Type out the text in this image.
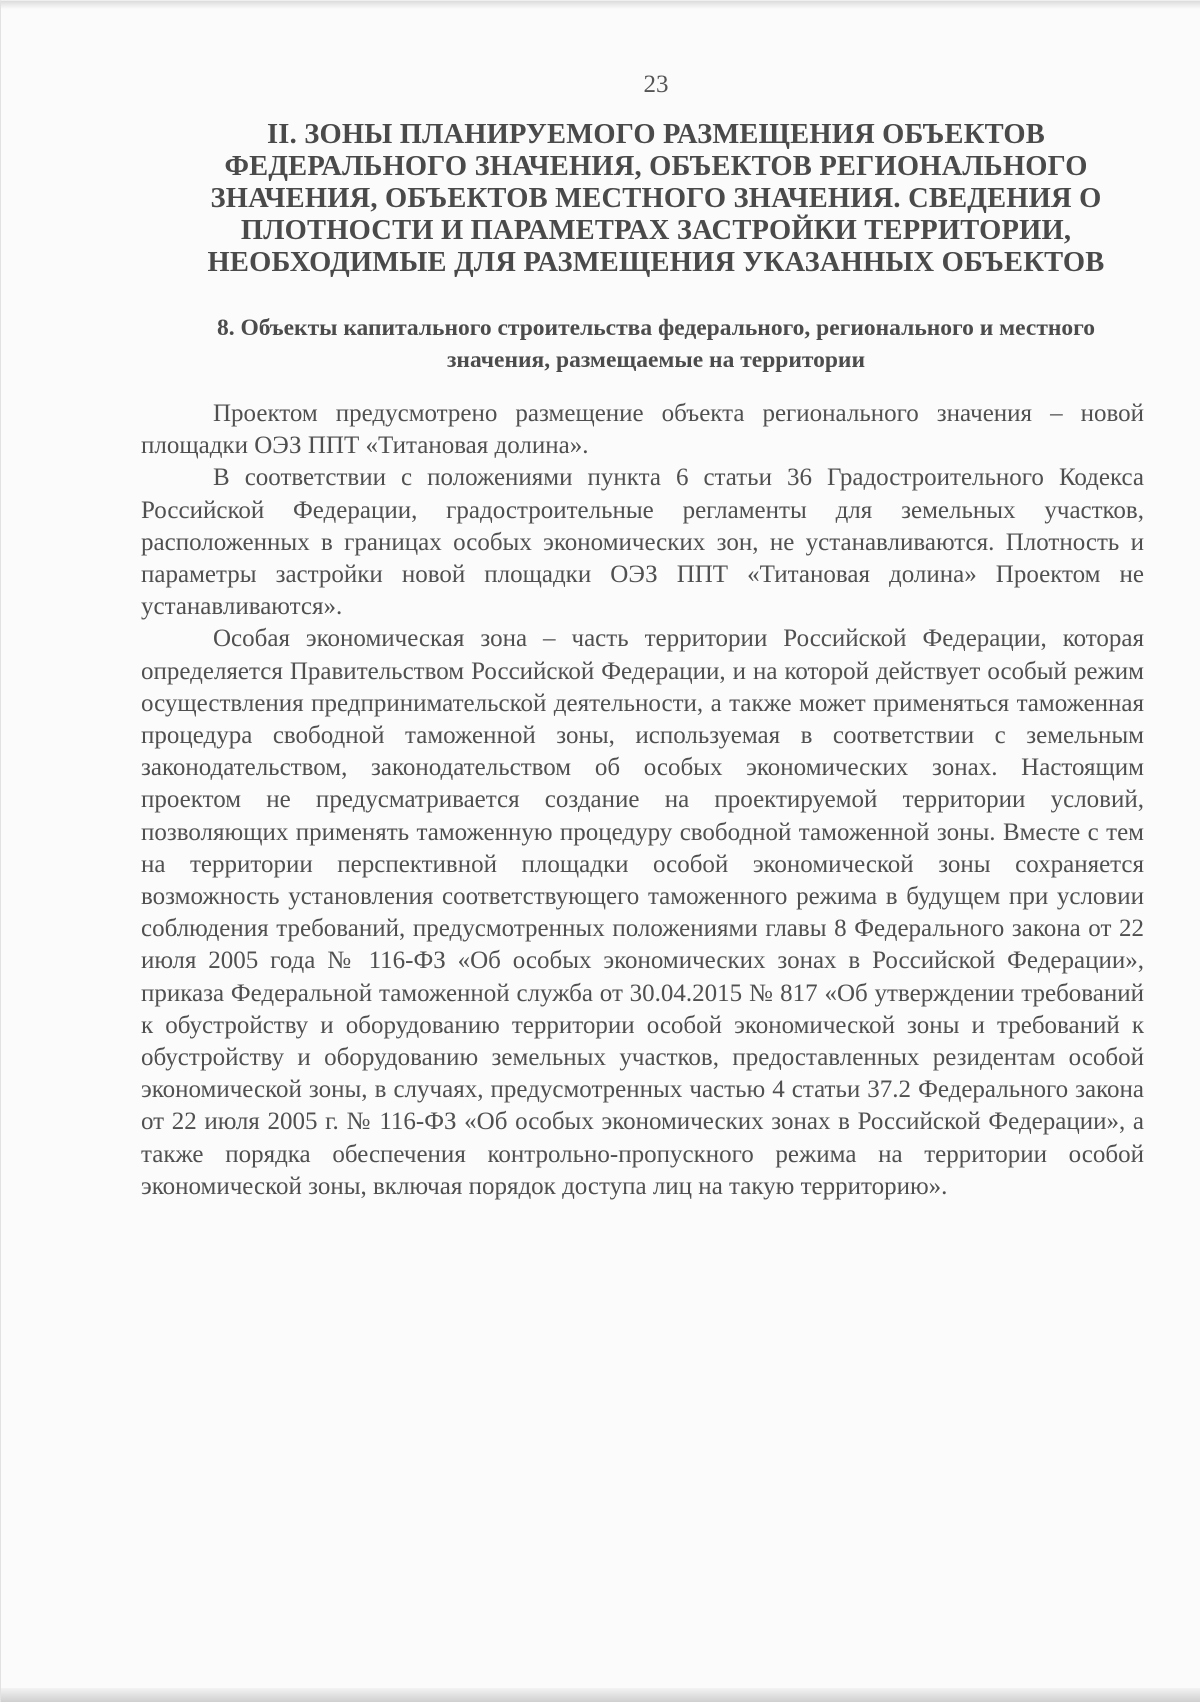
23
II. ЗОНЫ ПЛАНИРУЕМОГО РАЗМЕЩЕНИЯ ОБЪЕКТОВ ФЕДЕРАЛЬНОГО ЗНАЧЕНИЯ, ОБЪЕКТОВ РЕГИОНАЛЬНОГО ЗНАЧЕНИЯ, ОБЪЕКТОВ МЕСТНОГО ЗНАЧЕНИЯ. СВЕДЕНИЯ О ПЛОТНОСТИ И ПАРАМЕТРАХ ЗАСТРОЙКИ ТЕРРИТОРИИ, НЕОБХОДИМЫЕ ДЛЯ РАЗМЕЩЕНИЯ УКАЗАННЫХ ОБЪЕКТОВ
8. Объекты капитального строительства федерального, регионального и местного значения, размещаемые на территории

Проектом предусмотрено размещение объекта регионального значения – новой площадки ОЭЗ ППТ «Титановая долина».

В соответствии с положениями пункта 6 статьи 36 Градостроительного Кодекса Российской Федерации, градостроительные регламенты для земельных участков, расположенных в границах особых экономических зон, не устанавливаются. Плотность и параметры застройки новой площадки ОЭЗ ППТ «Титановая долина» Проектом не устанавливаются».

Особая экономическая зона – часть территории Российской Федерации, которая определяется Правительством Российской Федерации, и на которой действует особый режим осуществления предпринимательской деятельности, а также может применяться таможенная процедура свободной таможенной зоны, используемая в соответствии с земельным законодательством, законодательством об особых экономических зонах. Настоящим проектом не предусматривается создание на проектируемой территории условий, позволяющих применять таможенную процедуру свободной таможенной зоны. Вместе с тем на территории перспективной площадки особой экономической зоны сохраняется возможность установления соответствующего таможенного режима в будущем при условии соблюдения требований, предусмотренных положениями главы 8 Федерального закона от 22 июля 2005 года № 116-ФЗ «Об особых экономических зонах в Российской Федерации», приказа Федеральной таможенной служба от 30.04.2015 № 817 «Об утверждении требований к обустройству и оборудованию территории особой экономической зоны и требований к обустройству и оборудованию земельных участков, предоставленных резидентам особой экономической зоны, в случаях, предусмотренных частью 4 статьи 37.2 Федерального закона от 22 июля 2005 г. № 116-ФЗ «Об особых экономических зонах в Российской Федерации», а также порядка обеспечения контрольно-пропускного режима на территории особой экономической зоны, включая порядок доступа лиц на такую территорию».
